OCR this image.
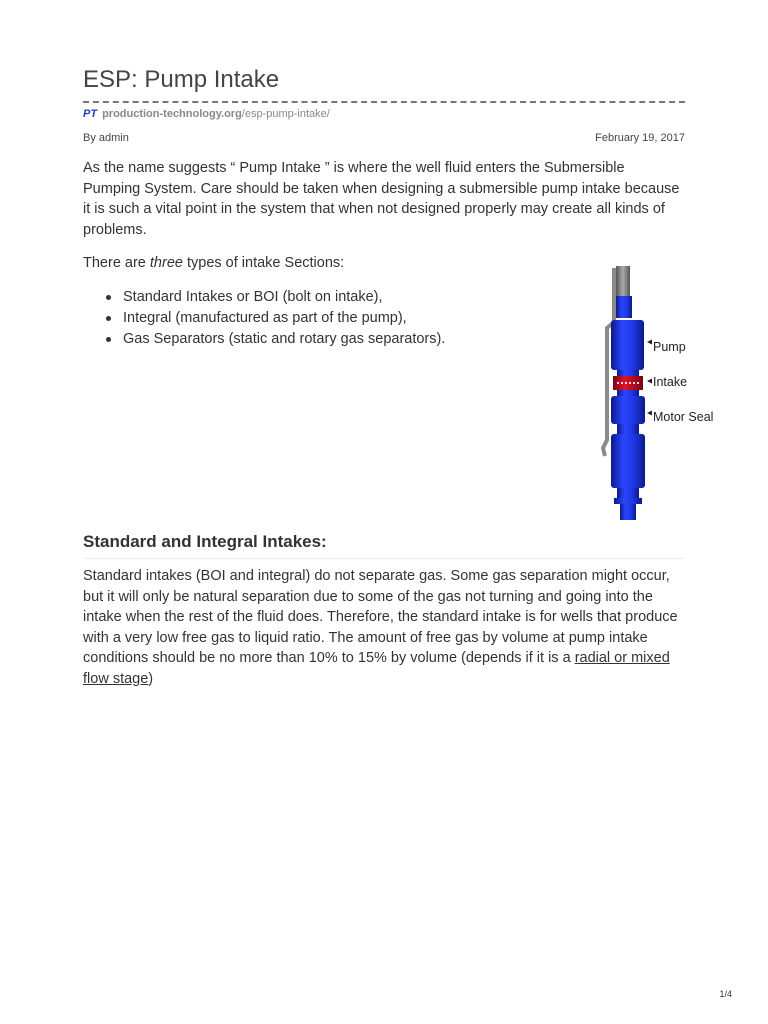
ESP: Pump Intake
PT production-technology.org/esp-pump-intake/
By admin	February 19, 2017

As the name suggests “ Pump Intake ” is where the well fluid enters the Submersible Pumping System. Care should be taken when designing a submersible pump intake because it is such a vital point in the system that when not designed properly may create all kinds of problems.

There are three types of intake Sections:

Standard Intakes or BOI (bolt on intake),
Integral (manufactured as part of the pump),
Gas Separators (static and rotary gas separators).	Pump
Intake
Motor Seal
Standard and Integral Intakes:

Standard intakes (BOI and integral) do not separate gas. Some gas separation might occur, but it will only be natural separation due to some of the gas not turning and going into the intake when the rest of the fluid does. Therefore, the standard intake is for wells that produce with a very low free gas to liquid ratio. The amount of free gas by volume at pump intake conditions should be no more than 10% to 15% by volume (depends if it is a radial or mixed flow stage)

1/4
